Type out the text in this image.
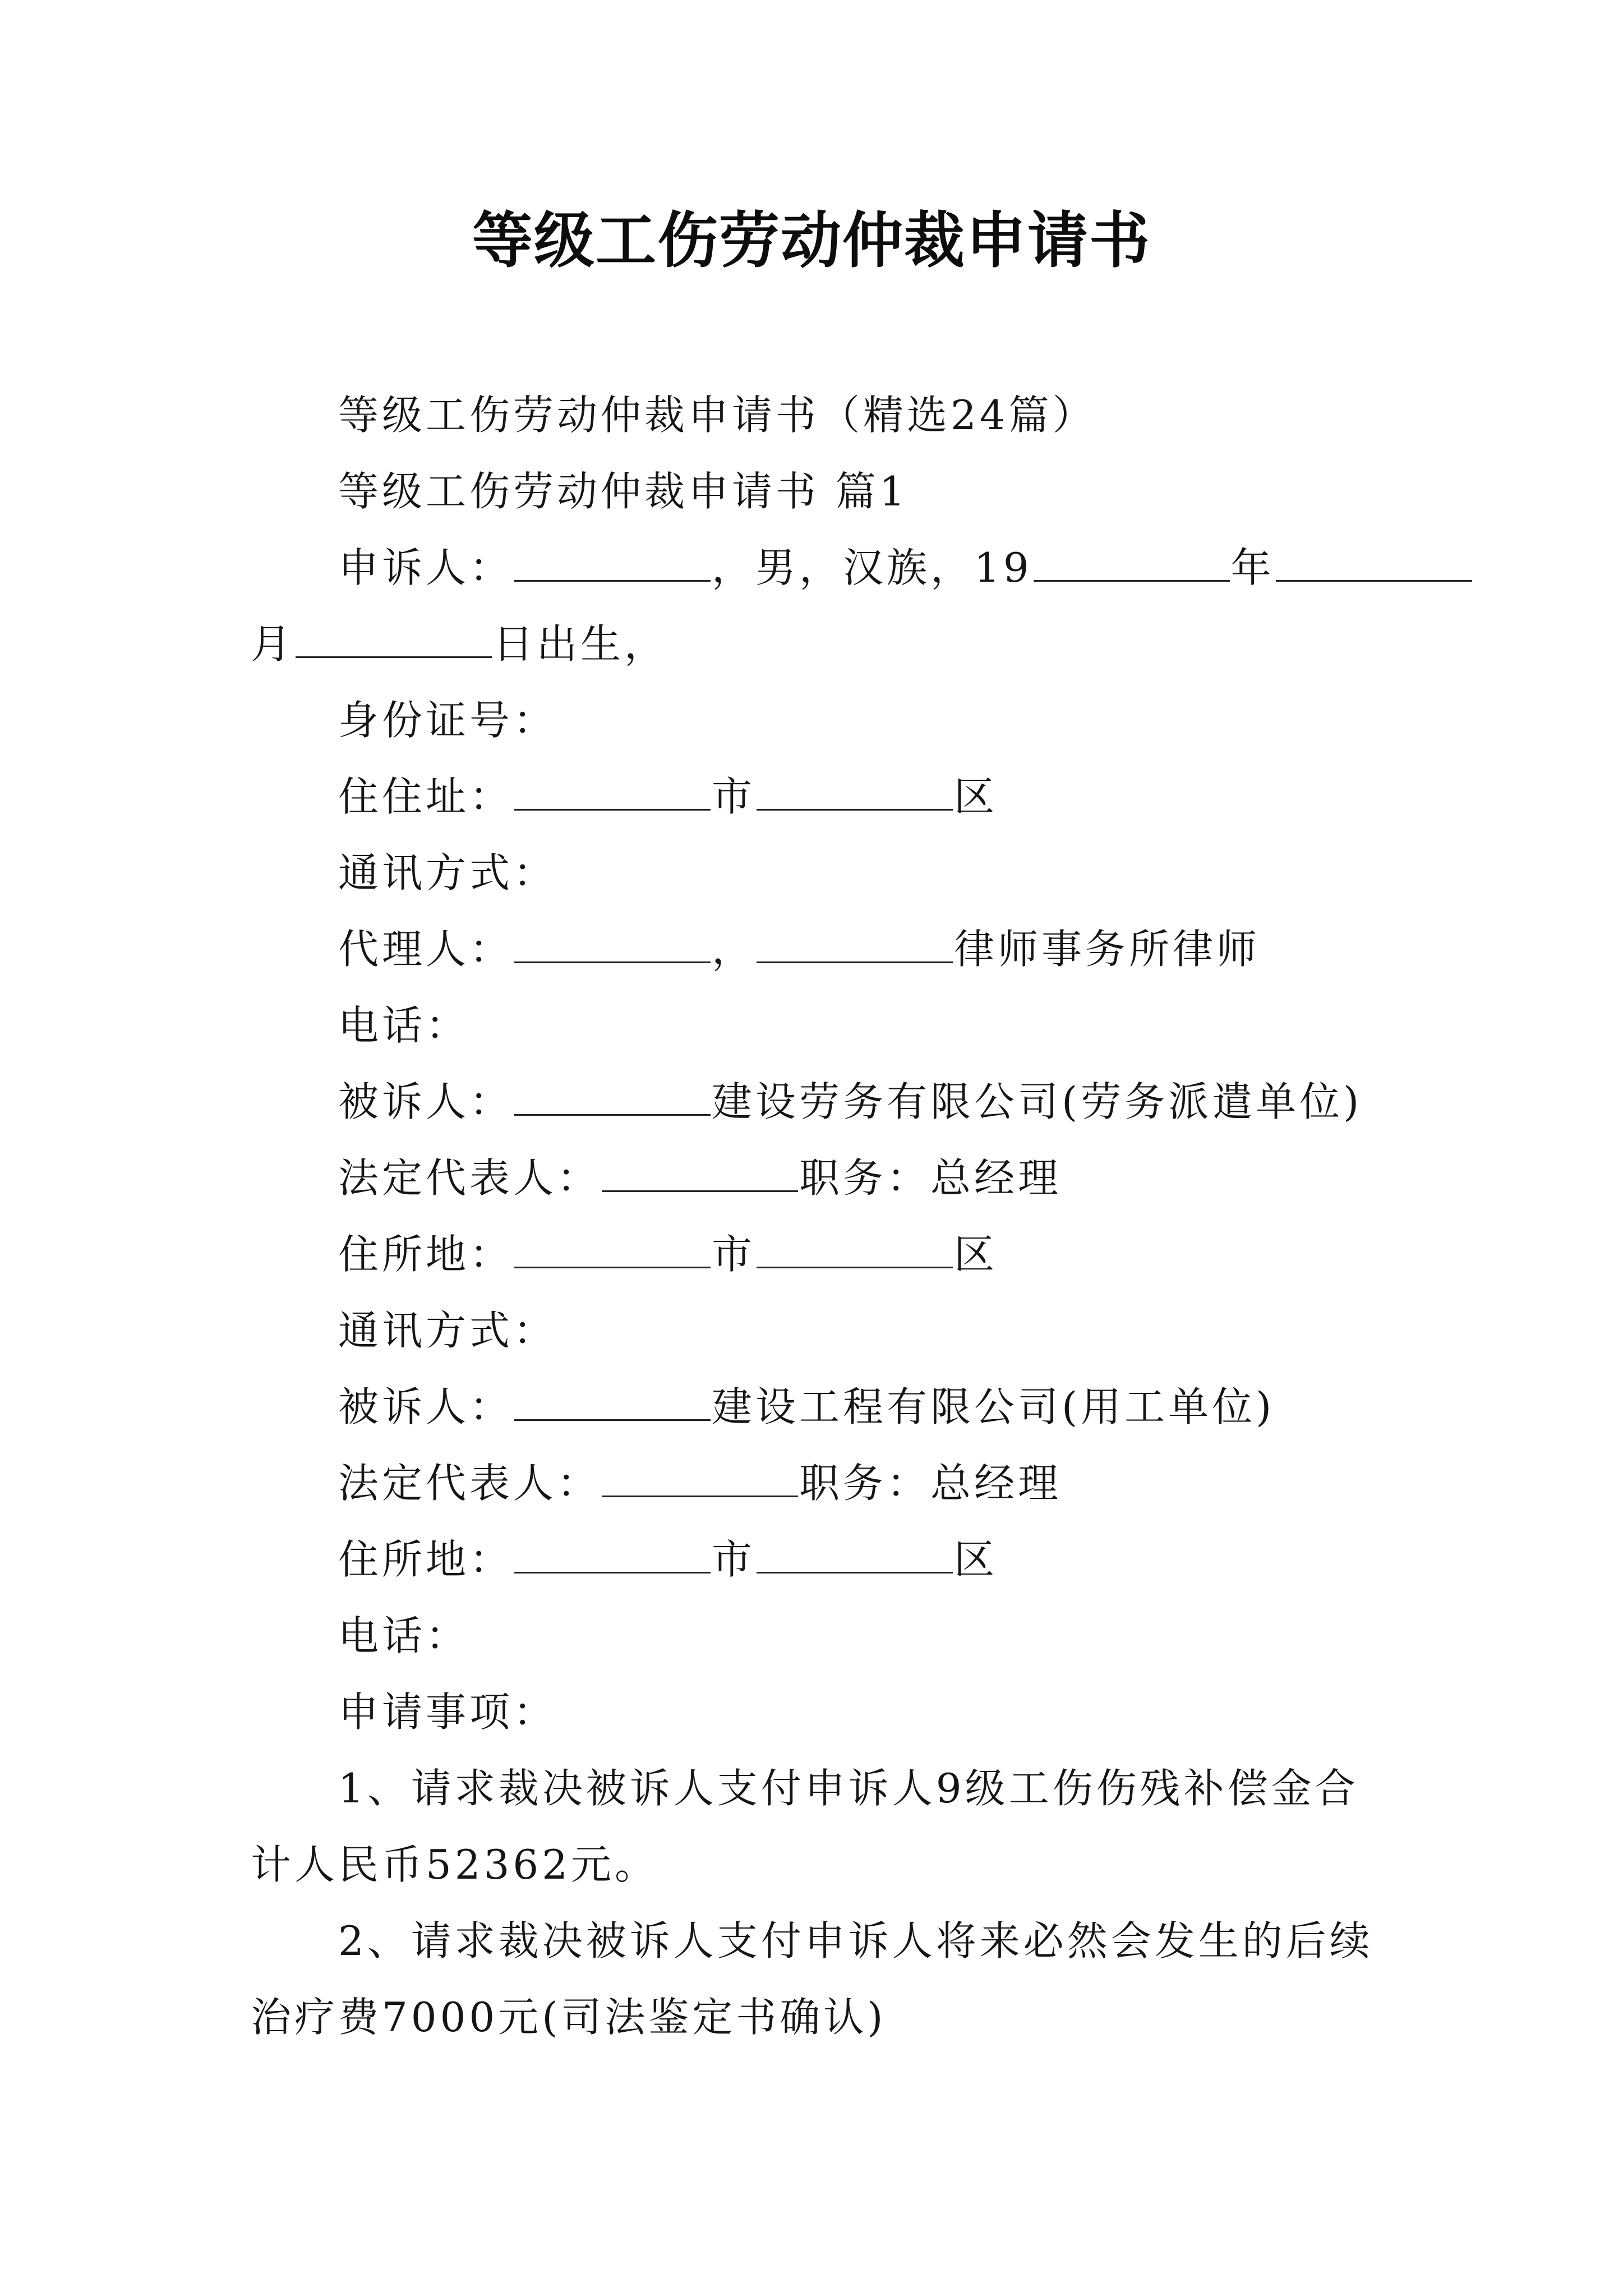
等级工伤劳动仲裁申请书
等级工伤劳动仲裁申请书（精选24篇）
等级工伤劳动仲裁申请书 篇1
申诉人：	，男，汉族，19	年
月	日出生，
身份证号：
住住址：	市	区
通讯方式：
代理人：	，	律师事务所律师
电话：
被诉人：	建设劳务有限公司(劳务派遣单位)
法定代表人：	职务：总经理
住所地：	市	区
通讯方式：
被诉人：	建设工程有限公司(用工单位)
法定代表人：	职务：总经理
住所地：	市	区
电话：
申请事项：
1、请求裁决被诉人支付申诉人9级工伤伤残补偿金合
计人民币52362元。
2、请求裁决被诉人支付申诉人将来必然会发生的后续
治疗费7000元(司法鉴定书确认)
